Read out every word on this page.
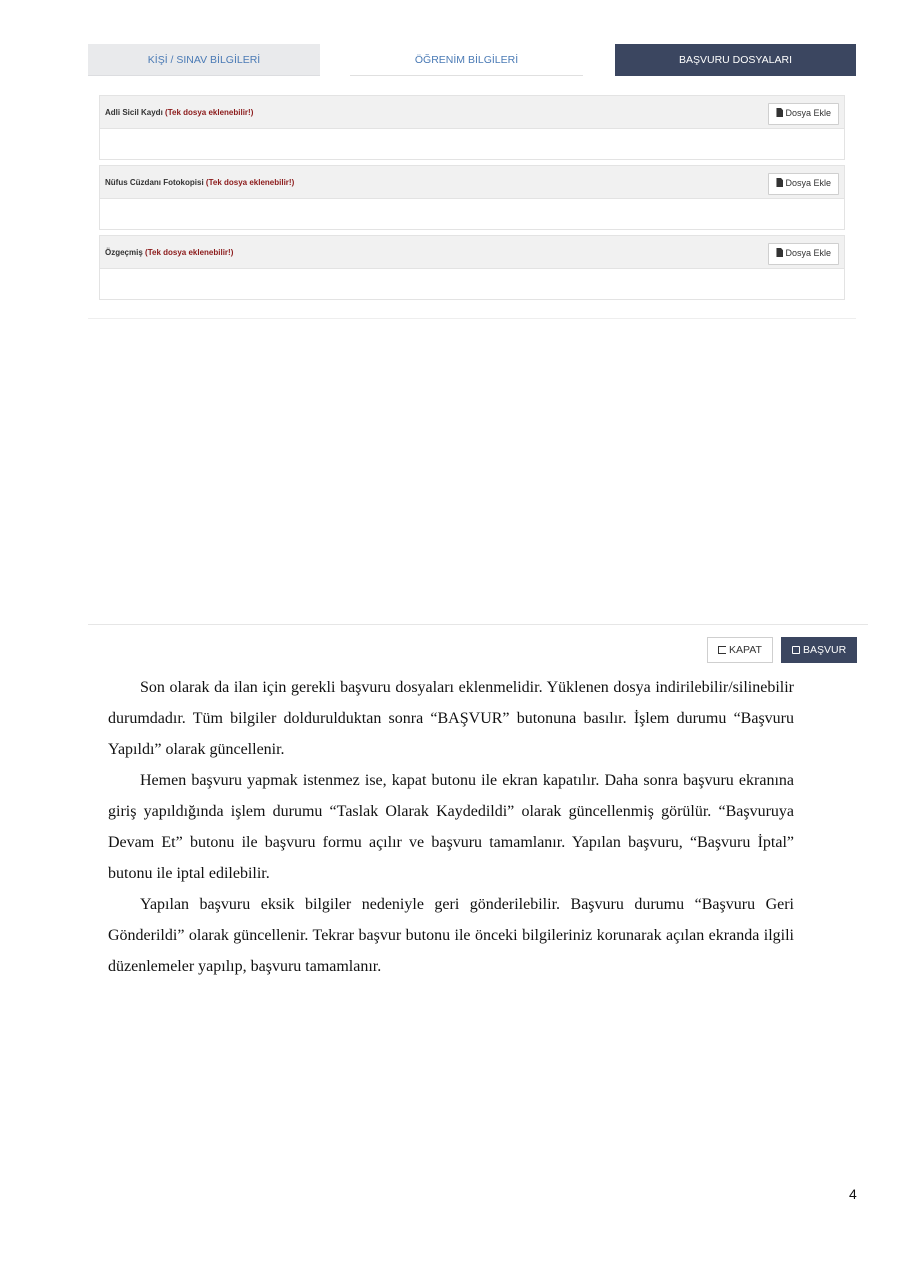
KİŞİ / SINAV BİLGİLERİ	ÖĞRENİM BİLGİLERİ	BAŞVURU DOSYALARI
Adli Sicil Kaydı (Tek dosya eklenebilir!)	Dosya Ekle
Nüfus Cüzdanı Fotokopisi (Tek dosya eklenebilir!)	Dosya Ekle
Özgeçmiş (Tek dosya eklenebilir!)	Dosya Ekle
KAPAT	BAŞVUR

Son olarak da ilan için gerekli başvuru dosyaları eklenmelidir. Yüklenen dosya indirilebilir/silinebilir durumdadır. Tüm bilgiler doldurulduktan sonra “BAŞVUR” butonuna basılır. İşlem durumu “Başvuru Yapıldı” olarak güncellenir.

Hemen başvuru yapmak istenmez ise, kapat butonu ile ekran kapatılır. Daha sonra başvuru ekranına giriş yapıldığında işlem durumu “Taslak Olarak Kaydedildi” olarak güncellenmiş görülür. “Başvuruya Devam Et” butonu ile başvuru formu açılır ve başvuru tamamlanır. Yapılan başvuru, “Başvuru İptal” butonu ile iptal edilebilir.

Yapılan başvuru eksik bilgiler nedeniyle geri gönderilebilir. Başvuru durumu “Başvuru Geri Gönderildi” olarak güncellenir. Tekrar başvur butonu ile önceki bilgileriniz korunarak açılan ekranda ilgili düzenlemeler yapılıp, başvuru tamamlanır.

4
